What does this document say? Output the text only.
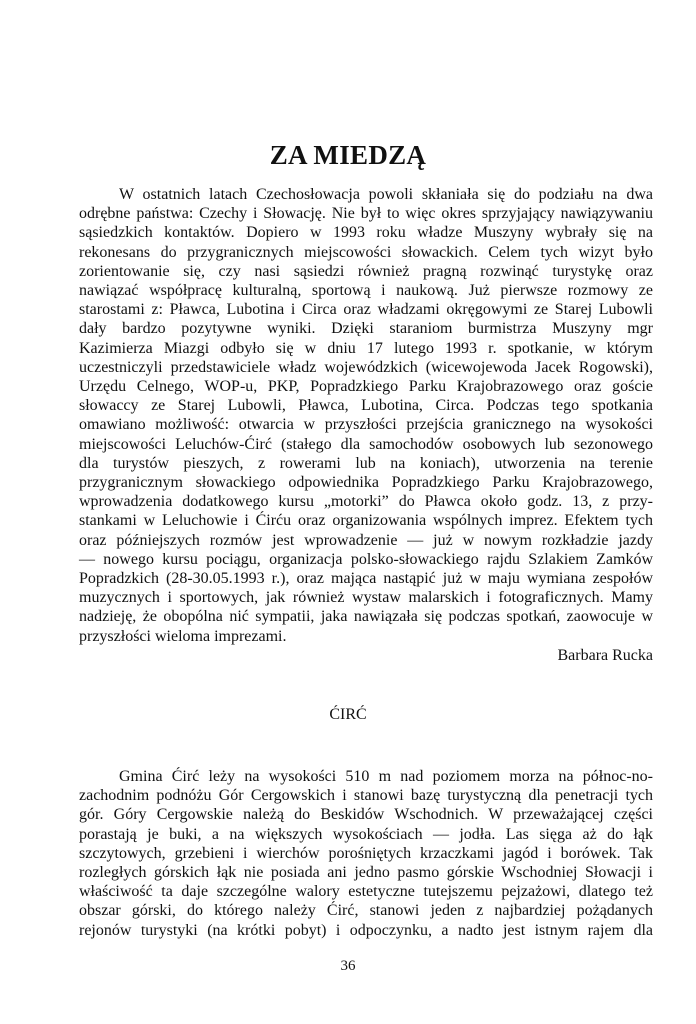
ZA MIEDZĄ
W ostatnich latach Czechosłowacja powoli skłaniała się do podziału na dwa
odrębne państwa: Czechy i Słowację. Nie był to więc okres sprzyjający nawiązywaniu
sąsiedzkich kontaktów. Dopiero w 1993 roku władze Muszyny wybrały się na
rekonesans do przygranicznych miejscowości słowackich. Celem tych wizyt było
zorientowanie się, czy nasi sąsiedzi również pragną rozwinąć turystykę oraz
nawiązać współpracę kulturalną, sportową i naukową. Już pierwsze rozmowy ze
starostami z: Pławca, Lubotina i Circa oraz władzami okręgowymi ze Starej Lubowli
dały bardzo pozytywne wyniki. Dzięki staraniom burmistrza Muszyny mgr
Kazimierza Miazgi odbyło się w dniu 17 lutego 1993 r. spotkanie, w którym
uczestniczyli przedstawiciele władz wojewódzkich (wicewojewoda Jacek Rogowski),
Urzędu Celnego, WOP-u, PKP, Popradzkiego Parku Krajobrazowego oraz goście
słowaccy ze Starej Lubowli, Pławca, Lubotina, Circa. Podczas tego spotkania
omawiano możliwość: otwarcia w przyszłości przejścia granicznego na wysokości
miejscowości Leluchów-Ćirć (stałego dla samochodów osobowych lub sezonowego
dla turystów pieszych, z rowerami lub na koniach), utworzenia na terenie
przygranicznym słowackiego odpowiednika Popradzkiego Parku Krajobrazowego,
wprowadzenia dodatkowego kursu „motorki” do Pławca około godz. 13, z przy-
stankami w Leluchowie i Ćirću oraz organizowania wspólnych imprez. Efektem tych
oraz późniejszych rozmów jest wprowadzenie — już w nowym rozkładzie jazdy
— nowego kursu pociągu, organizacja polsko-słowackiego rajdu Szlakiem Zamków
Popradzkich (28-30.05.1993 r.), oraz mająca nastąpić już w maju wymiana zespołów
muzycznych i sportowych, jak również wystaw malarskich i fotograficznych. Mamy
nadzieję, że obopólna nić sympatii, jaka nawiązała się podczas spotkań, zaowocuje w
przyszłości wieloma imprezami.
Barbara Rucka
ĆIRĆ
Gmina Ćirć leży na wysokości 510 m nad poziomem morza na północ-no-
zachodnim podnóżu Gór Cergowskich i stanowi bazę turystyczną dla penetracji tych
gór. Góry Cergowskie należą do Beskidów Wschodnich. W przeważającej części
porastają je buki, a na większych wysokościach — jodła. Las sięga aż do łąk
szczytowych, grzebieni i wierchów porośniętych krzaczkami jagód i borówek. Tak
rozległych górskich łąk nie posiada ani jedno pasmo górskie Wschodniej Słowacji i
właściwość ta daje szczególne walory estetyczne tutejszemu pejzażowi, dlatego też
obszar górski, do którego należy Ćirć, stanowi jeden z najbardziej pożądanych
rejonów turystyki (na krótki pobyt) i odpoczynku, a nadto jest istnym rajem dla
36
